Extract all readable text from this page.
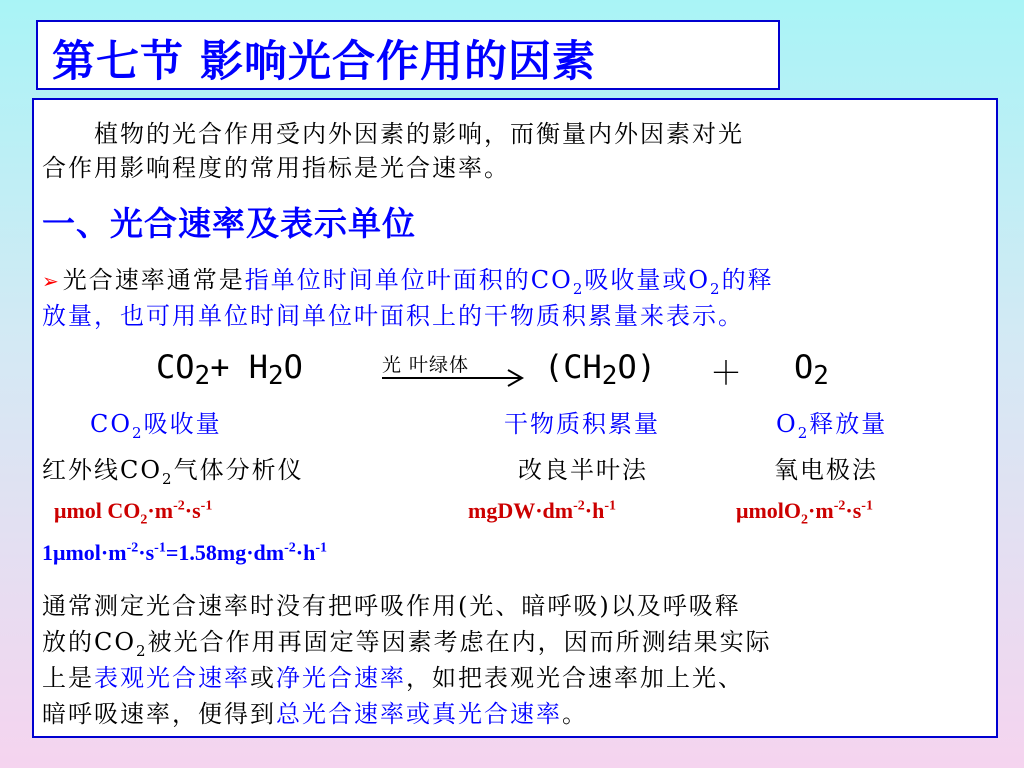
第七节 影响光合作用的因素
　　植物的光合作用受内外因素的影响，而衡量内外因素对光
合作用影响程度的常用指标是光合速率。
一、光合速率及表示单位
➢光合速率通常是指单位时间单位叶面积的$CO_2$吸收量或$O_2$的释
放量，也可用单位时间单位叶面积上的干物质积累量来表示。
$CO_2+ H_2O$	光 叶绿体 $(CH_2O) + O_2$
$CO_2$吸收量	干物质积累量	$O_2$释放量
红外线$CO_2$气体分析仪	改良半叶法	氧电极法
μmol $CO_2\cdot m^{-2}\cdot s^{-1}$	$mgDW\cdot dm^{-2}\cdot h^{-1}$	$\mu molO_2\cdot m^{-2}\cdot s^{-1}$
$1\mu mol\cdot m^{-2}\cdot s^{-1}=1.58mg\cdot dm^{-2}\cdot h^{-1}$
通常测定光合速率时没有把呼吸作用(光、暗呼吸)以及呼吸释
放的$CO_2$被光合作用再固定等因素考虑在内，因而所测结果实际
上是表观光合速率或净光合速率，如把表观光合速率加上光、
暗呼吸速率，便得到总光合速率或真光合速率。
